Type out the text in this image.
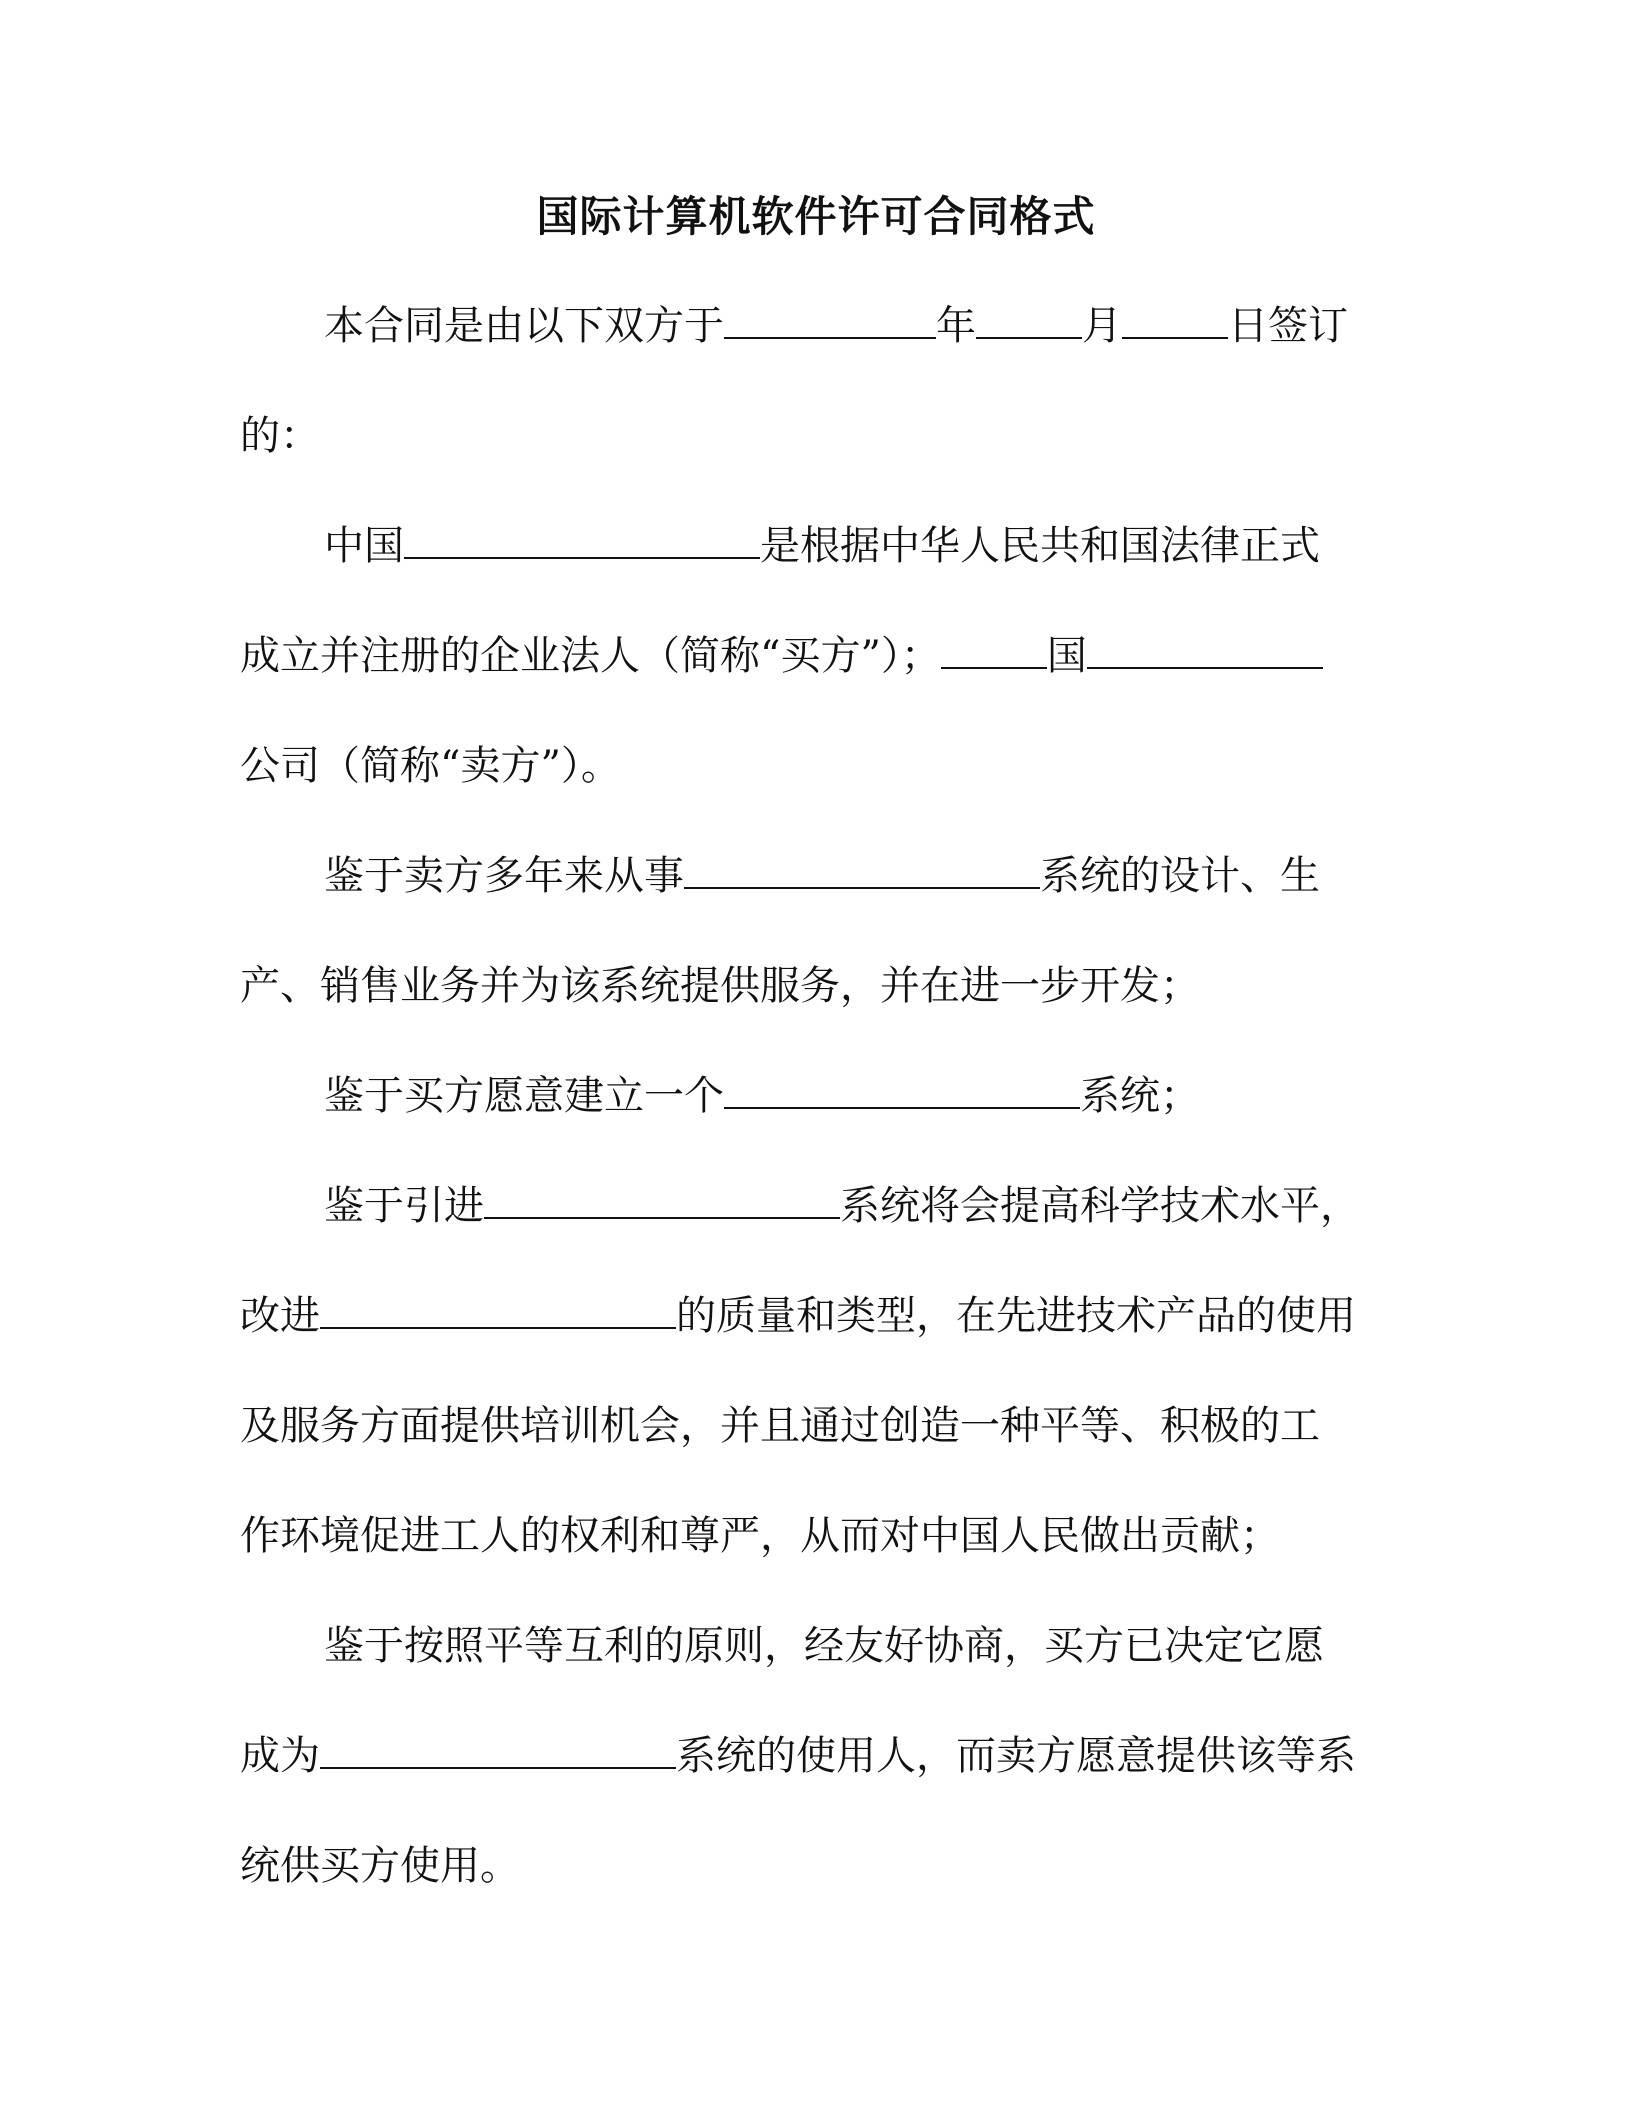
国际计算机软件许可合同格式
本合同是由以下双方于	年	月	日签订
的：
中国	是根据中华人民共和国法律正式
成立并注册的企业法人（简称“买方”）；	国
公司（简称“卖方”）。
鉴于卖方多年来从事	系统的设计、生
产、销售业务并为该系统提供服务，并在进一步开发；
鉴于买方愿意建立一个	系统；
鉴于引进	系统将会提高科学技术水平，
改进	的质量和类型，在先进技术产品的使用
及服务方面提供培训机会，并且通过创造一种平等、积极的工
作环境促进工人的权利和尊严，从而对中国人民做出贡献；
鉴于按照平等互利的原则，经友好协商，买方已决定它愿
成为	系统的使用人，而卖方愿意提供该等系
统供买方使用。
